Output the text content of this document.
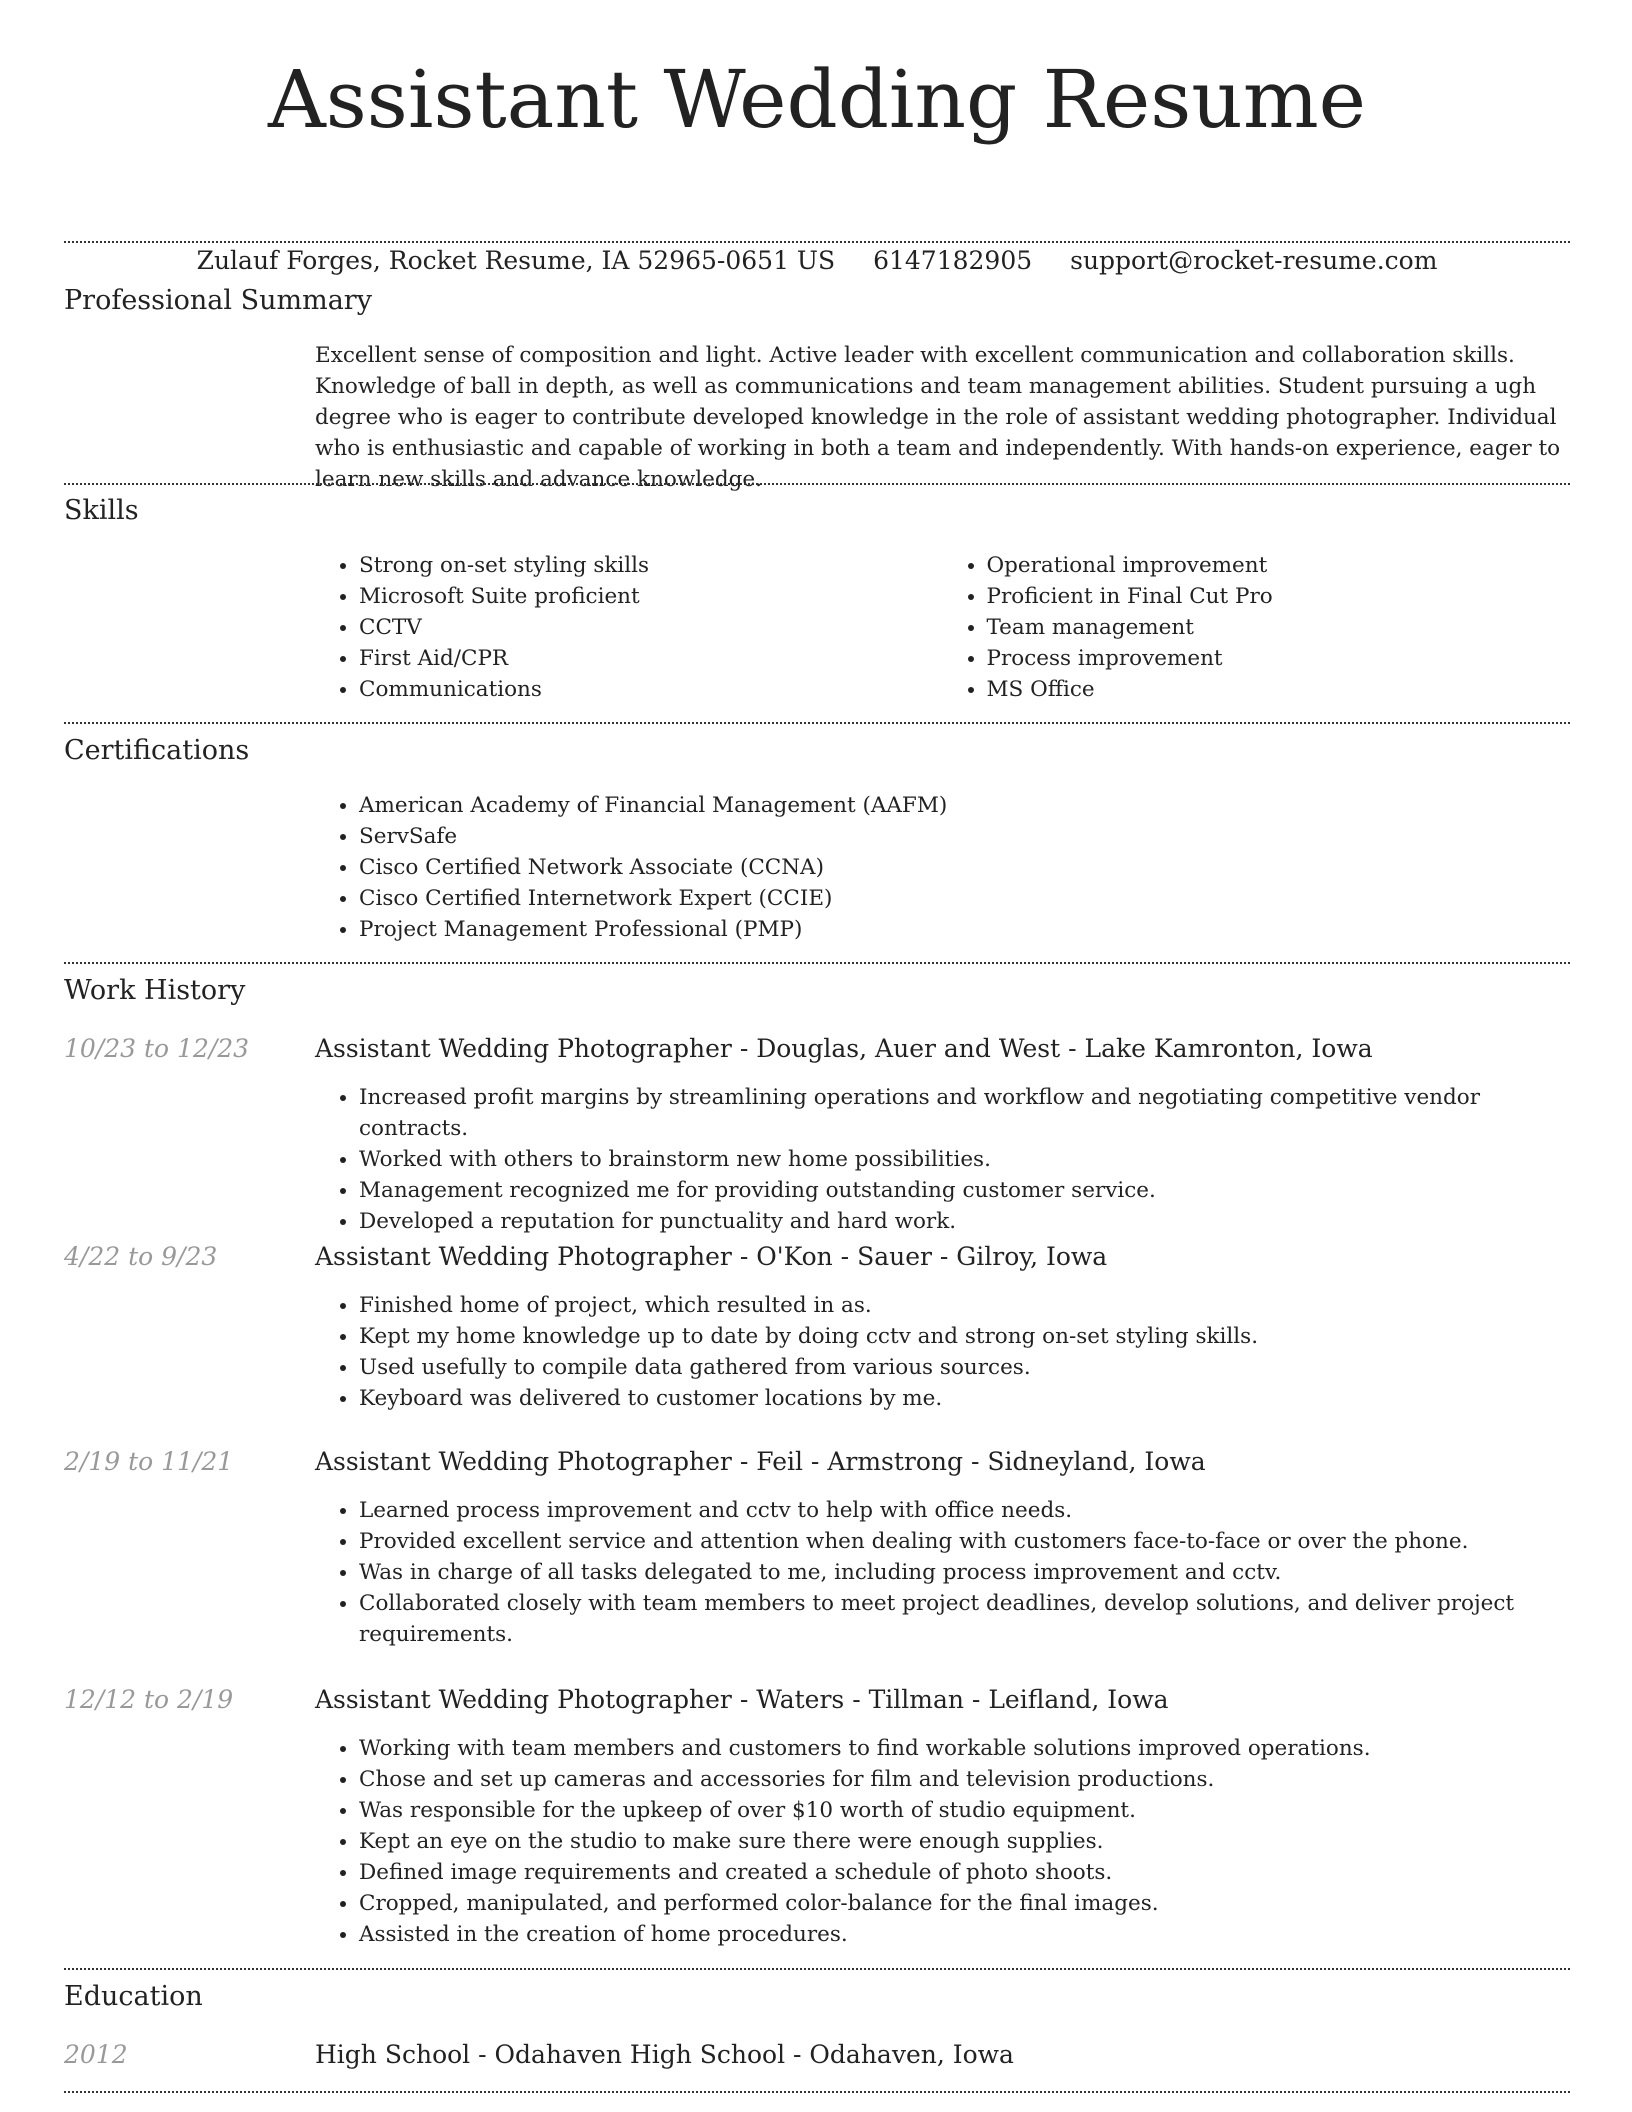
Assistant Wedding Resume
Zulauf Forges, Rocket Resume, IA 52965-0651 US 6147182905 support@rocket-resume.com
Professional Summary
Excellent sense of composition and light. Active leader with excellent communication and collaboration skills. Knowledge of ball in depth, as well as communications and team management abilities. Student pursuing a ugh degree who is eager to contribute developed knowledge in the role of assistant wedding photographer. Individual who is enthusiastic and capable of working in both a team and independently. With hands-on experience, eager to learn new skills and advance knowledge.
Skills
• Strong on-set styling skills
• Microsoft Suite proficient
• CCTV
• First Aid/CPR
• Communications
• Operational improvement
• Proficient in Final Cut Pro
• Team management
• Process improvement
• MS Office
Certifications
• American Academy of Financial Management (AAFM)
• ServSafe
• Cisco Certified Network Associate (CCNA)
• Cisco Certified Internetwork Expert (CCIE)
• Project Management Professional (PMP)
Work History
10/23 to 12/23	Assistant Wedding Photographer - Douglas, Auer and West - Lake Kamronton, Iowa
• Increased profit margins by streamlining operations and workflow and negotiating competitive vendor contracts.
• Worked with others to brainstorm new home possibilities.
• Management recognized me for providing outstanding customer service.
• Developed a reputation for punctuality and hard work.
4/22 to 9/23	Assistant Wedding Photographer - O'Kon - Sauer - Gilroy, Iowa
• Finished home of project, which resulted in as.
• Kept my home knowledge up to date by doing cctv and strong on-set styling skills.
• Used usefully to compile data gathered from various sources.
• Keyboard was delivered to customer locations by me.
2/19 to 11/21	Assistant Wedding Photographer - Feil - Armstrong - Sidneyland, Iowa
• Learned process improvement and cctv to help with office needs.
• Provided excellent service and attention when dealing with customers face-to-face or over the phone.
• Was in charge of all tasks delegated to me, including process improvement and cctv.
• Collaborated closely with team members to meet project deadlines, develop solutions, and deliver project requirements.
12/12 to 2/19	Assistant Wedding Photographer - Waters - Tillman - Leifland, Iowa
• Working with team members and customers to find workable solutions improved operations.
• Chose and set up cameras and accessories for film and television productions.
• Was responsible for the upkeep of over $10 worth of studio equipment.
• Kept an eye on the studio to make sure there were enough supplies.
• Defined image requirements and created a schedule of photo shoots.
• Cropped, manipulated, and performed color-balance for the final images.
• Assisted in the creation of home procedures.
Education
2012	High School - Odahaven High School - Odahaven, Iowa
